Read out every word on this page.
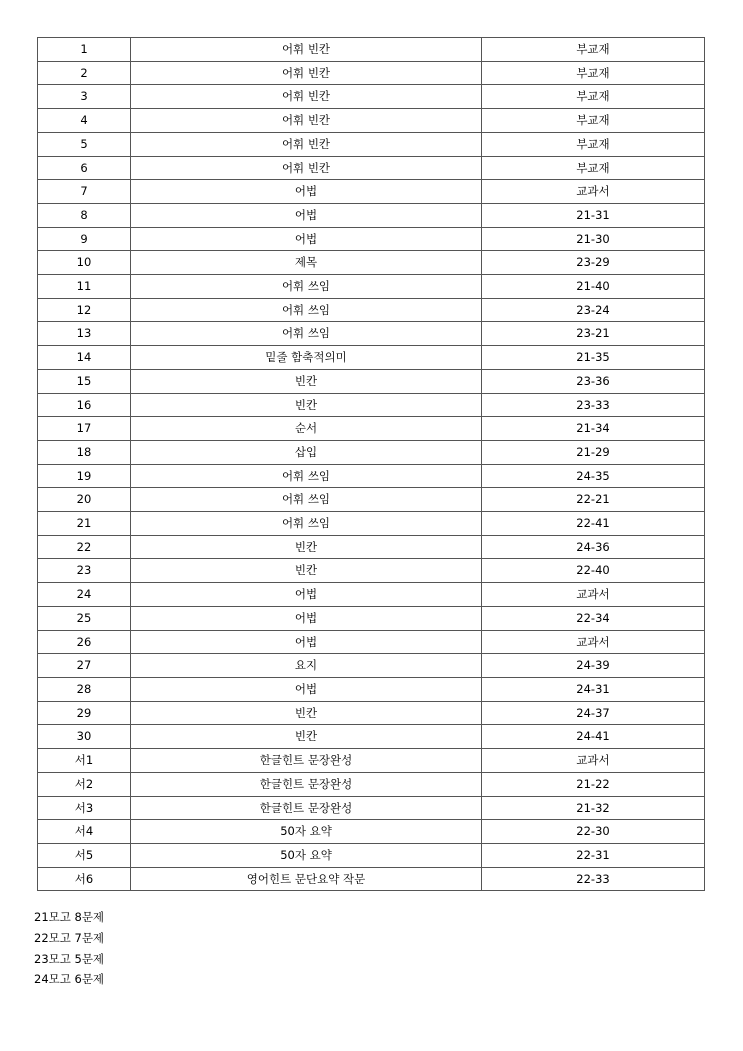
1	어휘 빈칸	부교재
2	어휘 빈칸	부교재
3	어휘 빈칸	부교재
4	어휘 빈칸	부교재
5	어휘 빈칸	부교재
6	어휘 빈칸	부교재
7	어법	교과서
8	어법	21-31
9	어법	21-30
10	제목	23-29
11	어휘 쓰임	21-40
12	어휘 쓰임	23-24
13	어휘 쓰임	23-21
14	밑줄 함축적의미	21-35
15	빈칸	23-36
16	빈칸	23-33
17	순서	21-34
18	삽입	21-29
19	어휘 쓰임	24-35
20	어휘 쓰임	22-21
21	어휘 쓰임	22-41
22	빈칸	24-36
23	빈칸	22-40
24	어법	교과서
25	어법	22-34
26	어법	교과서
27	요지	24-39
28	어법	24-31
29	빈칸	24-37
30	빈칸	24-41
서1	한글힌트 문장완성	교과서
서2	한글힌트 문장완성	21-22
서3	한글힌트 문장완성	21-32
서4	50자 요약	22-30
서5	50자 요약	22-31
서6	영어힌트 문단요약 작문	22-33
21모고 8문제
22모고 7문제
23모고 5문제
24모고 6문제
